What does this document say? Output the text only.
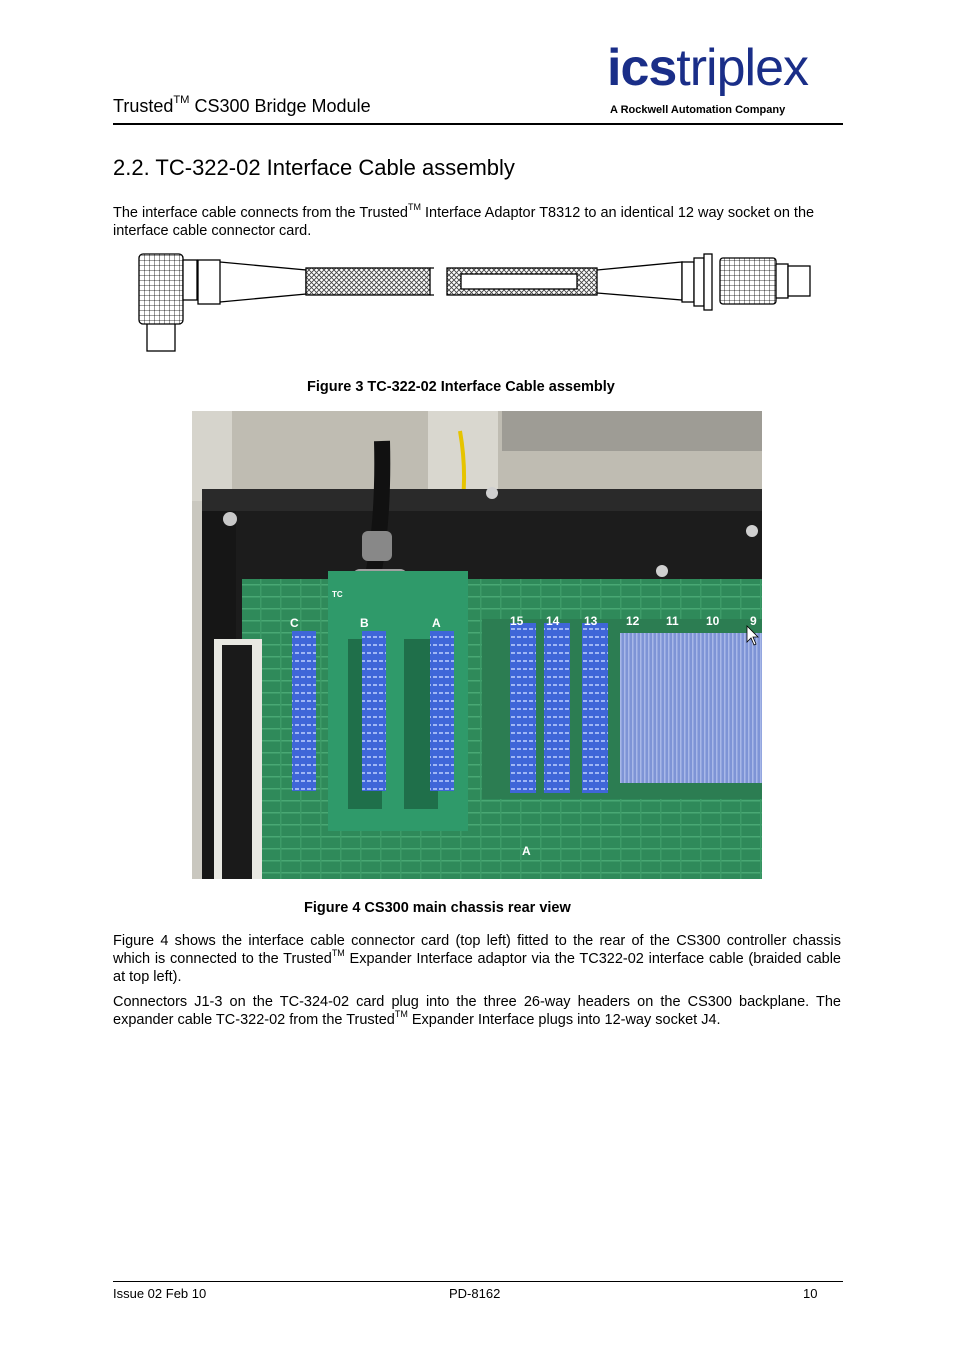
Trusted™ CS300 Bridge Module
icstriplex
A Rockwell Automation Company
2.2. TC-322-02 Interface Cable assembly
The interface cable connects from the Trusted™ Interface Adaptor T8312 to an identical 12 way socket on the interface cable connector card.
Figure 3 TC-322-02 Interface Cable assembly
C	B	A	15 14 13 12 11 10	9
TC
A
Figure 4 CS300 main chassis rear view
Figure 4 shows the interface cable connector card (top left) fitted to the rear of the CS300 controller chassis which is connected to the Trusted™ Expander Interface adaptor via the TC322-02 interface cable (braided cable at top left).
Connectors J1-3 on the TC-324-02 card plug into the three 26-way headers on the CS300 backplane. The expander cable TC-322-02 from the Trusted™ Expander Interface plugs into 12-way socket J4.
Issue 02 Feb 10	PD-8162	10
